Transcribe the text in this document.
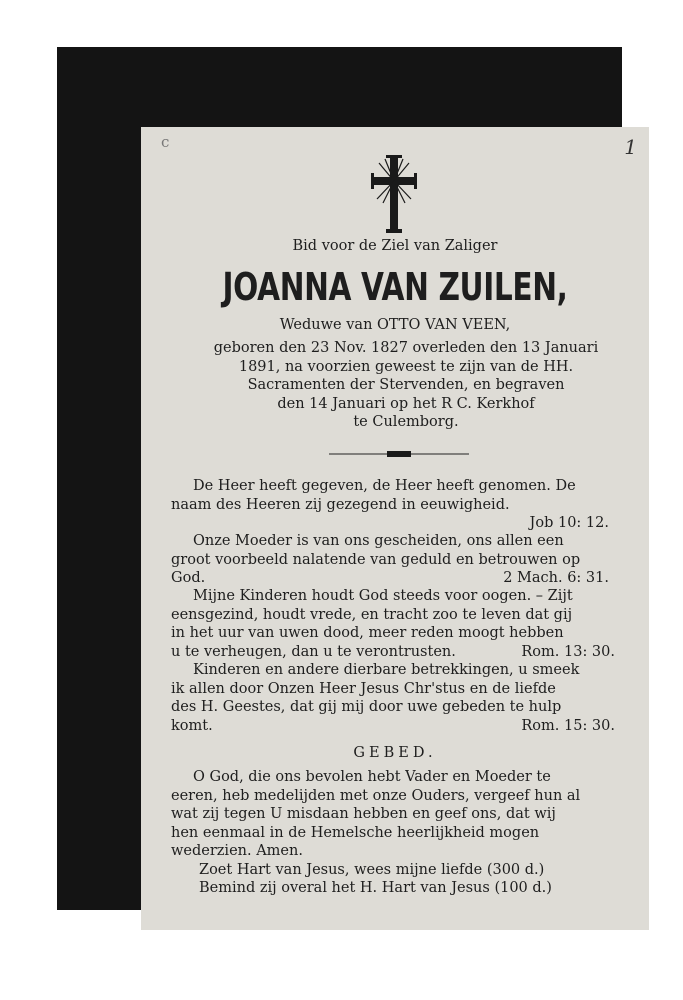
c	1
Bid voor de Ziel van Zaliger
JOANNA VAN ZUILEN,
Weduwe van OTTO VAN VEEN,
geboren den 23 Nov. 1827 overleden den 13 Januari
1891, na voorzien geweest te zijn van de HH.
Sacramenten der Stervenden, en begraven
den 14 Januari op het R C. Kerkhof
te Culemborg.
De Heer heeft gegeven, de Heer heeft genomen. De
naam des Heeren zij gezegend in eeuwigheid.
Job 10: 12.
Onze Moeder is van ons gescheiden, ons allen een
groot voorbeeld nalatende van geduld en betrouwen op
God.	2 Mach. 6: 31.
Mijne Kinderen houdt God steeds voor oogen. – Zijt
eensgezind, houdt vrede, en tracht zoo te leven dat gij
in het uur van uwen dood, meer reden moogt hebben
u te verheugen, dan u te verontrusten.	Rom. 13: 30.
Kinderen en andere dierbare betrekkingen, u smeek
ik allen door Onzen Heer Jesus Chr'stus en de liefde
des H. Geestes, dat gij mij door uwe gebeden te hulp
komt.	Rom. 15: 30.
GEBED.
O God, die ons bevolen hebt Vader en Moeder te
eeren, heb medelijden met onze Ouders, vergeef hun al
wat zij tegen U misdaan hebben en geef ons, dat wij
hen eenmaal in de Hemelsche heerlijkheid mogen
wederzien. Amen.
Zoet Hart van Jesus, wees mijne liefde (300 d.)
Bemind zij overal het H. Hart van Jesus (100 d.)
